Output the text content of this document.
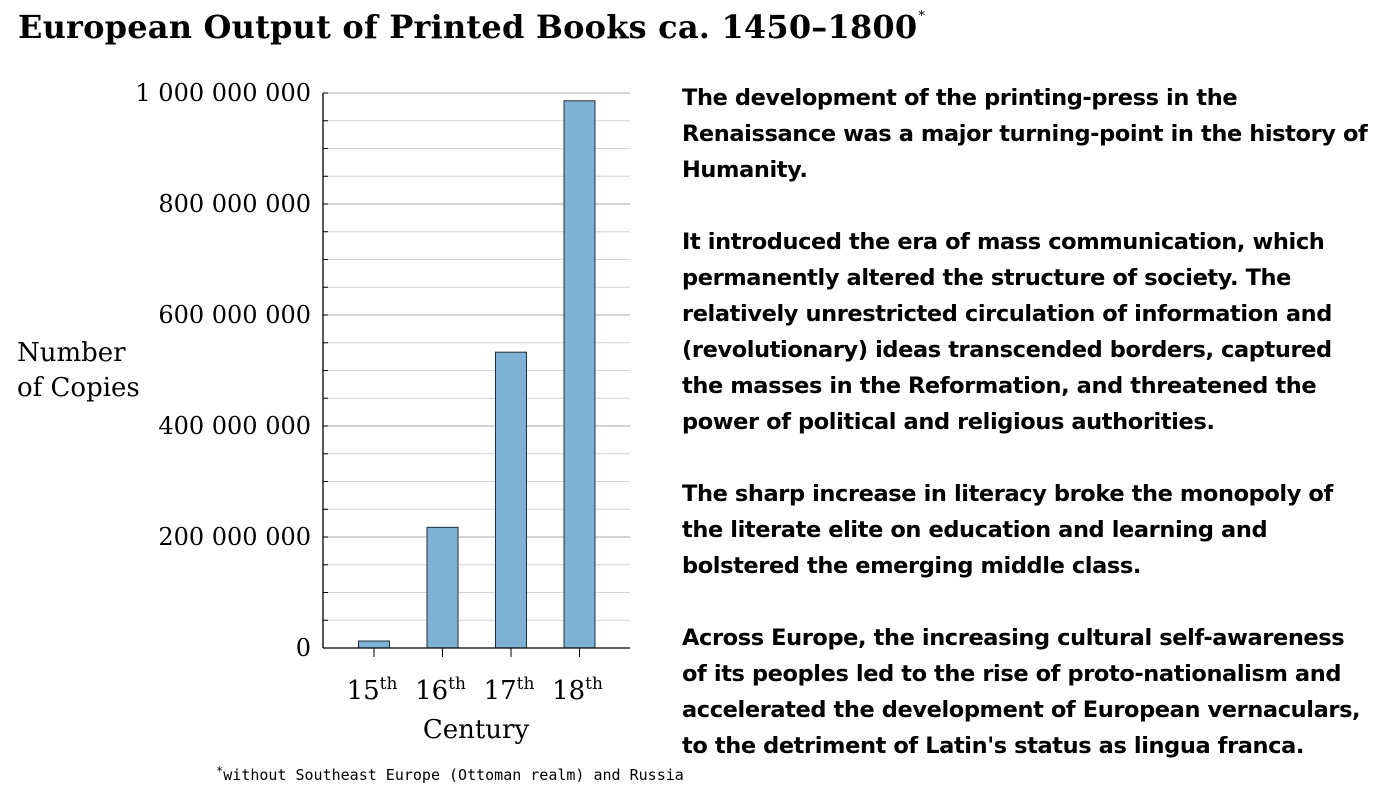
European Output of Printed Books ca. 1450–1800*
0
200 000 000
400 000 000
600 000 000
800 000 000
1 000 000 000
15th 16th 17th 18th
Number
of Copies
Century
*without Southeast Europe (Ottoman realm) and Russia

The development of the printing-press in the Renaissance was a major turning-point in the history of Humanity.

It introduced the era of mass communication, which permanently altered the structure of society. The relatively unrestricted circulation of information and (revolutionary) ideas transcended borders, captured the masses in the Reformation, and threatened the power of political and religious authorities.

The sharp increase in literacy broke the monopoly of the literate elite on education and learning and bolstered the emerging middle class.

Across Europe, the increasing cultural self-awareness of its peoples led to the rise of proto-nationalism and accelerated the development of European vernaculars, to the detriment of Latin's status as lingua franca.
